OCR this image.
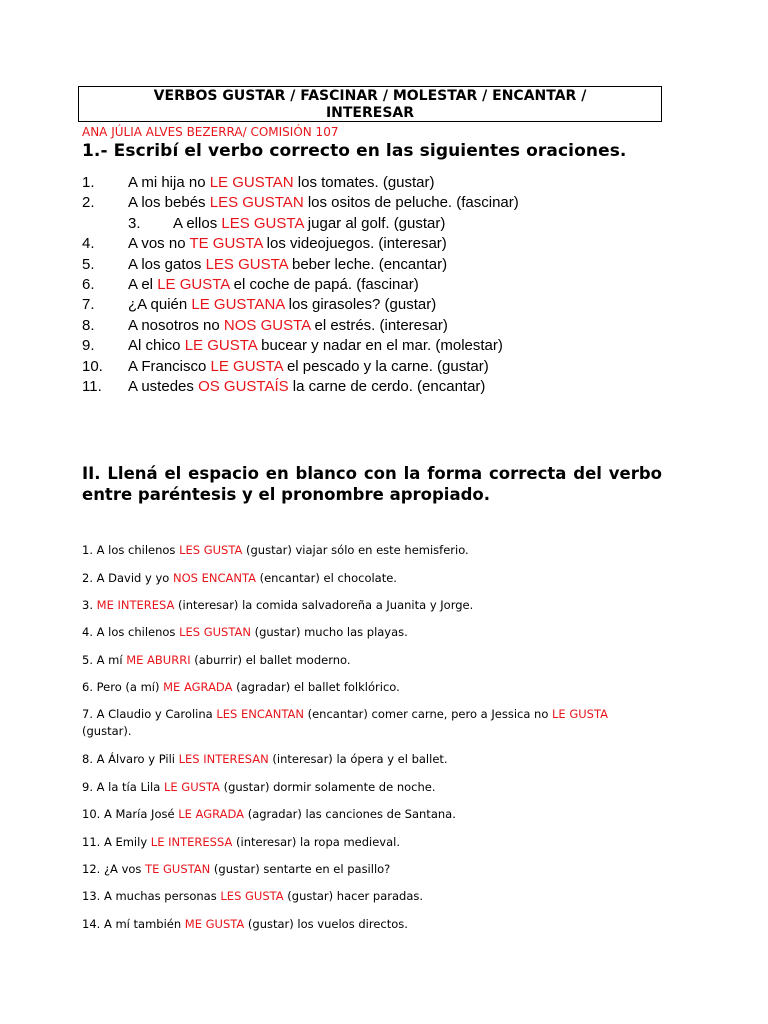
VERBOS GUSTAR / FASCINAR / MOLESTAR / ENCANTAR /
INTERESAR
ANA JÚLIA ALVES BEZERRA/ COMISIÓN 107
1.- Escribí el verbo correcto en las siguientes oraciones.
1. A mi hija no LE GUSTAN los tomates. (gustar)
2. A los bebés LES GUSTAN los ositos de peluche. (fascinar)
3. A ellos LES GUSTA jugar al golf. (gustar)
4. A vos no TE GUSTA los videojuegos. (interesar)
5. A los gatos LES GUSTA beber leche. (encantar)
6. A el LE GUSTA el coche de papá. (fascinar)
7. ¿A quién LE GUSTANA los girasoles? (gustar)
8. A nosotros no NOS GUSTA el estrés. (interesar)
9. Al chico LE GUSTA bucear y nadar en el mar. (molestar)
10. A Francisco LE GUSTA el pescado y la carne. (gustar)
11. A ustedes OS GUSTAÍS la carne de cerdo. (encantar)
II. Llená el espacio en blanco con la forma correcta del verbo entre paréntesis y el pronombre apropiado.
1. A los chilenos LES GUSTA (gustar) viajar sólo en este hemisferio.
2. A David y yo NOS ENCANTA (encantar) el chocolate.
3. ME INTERESA (interesar) la comida salvadoreña a Juanita y Jorge.
4. A los chilenos LES GUSTAN (gustar) mucho las playas.
5. A mí ME ABURRI (aburrir) el ballet moderno.
6. Pero (a mí) ME AGRADA (agradar) el ballet folklórico.
7. A Claudio y Carolina LES ENCANTAN (encantar) comer carne, pero a Jessica no LE GUSTA (gustar).
8. A Álvaro y Pili LES INTERESAN (interesar) la ópera y el ballet.
9. A la tía Lila LE GUSTA (gustar) dormir solamente de noche.
10. A María José LE AGRADA (agradar) las canciones de Santana.
11. A Emily LE INTERESSA (interesar) la ropa medieval.
12. ¿A vos TE GUSTAN (gustar) sentarte en el pasillo?
13. A muchas personas LES GUSTA (gustar) hacer paradas.
14. A mí también ME GUSTA (gustar) los vuelos directos.
